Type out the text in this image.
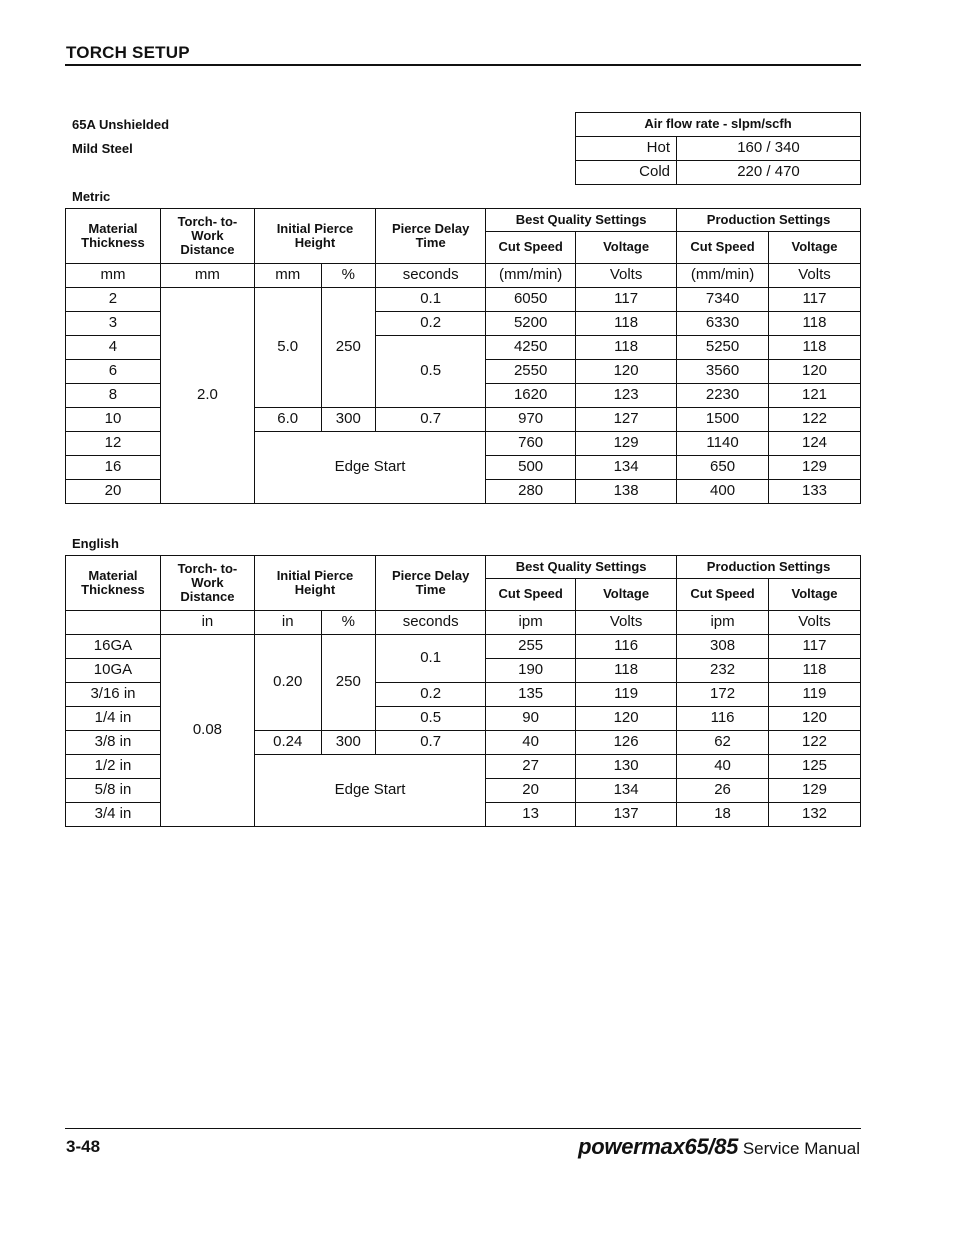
TORCH SETUP
65A Unshielded
Mild Steel
Air flow rate - slpm/scfh	
Hot	160 / 340
Cold	220 / 470
Metric
Material Thickness	Torch- to-Work Distance	Initial Pierce Height		Pierce Delay Time	Best Quality Settings		Production Settings	
					Cut Speed	Voltage	Cut Speed	Voltage
mm	mm	mm	%	seconds	(mm/min)	Volts	(mm/min)	Volts
2	2.0	5.0	250	0.1	6050	117	7340	117
3				0.2	5200	118	6330	118
4				0.5	4250	118	5250	118
6					2550	120	3560	120
8					1620	123	2230	121
10		6.0	300	0.7	970	127	1500	122
12		Edge Start			760	129	1140	124
16					500	134	650	129
20					280	138	400	133
English
Material Thickness	Torch- to-Work Distance	Initial Pierce Height		Pierce Delay Time	Best Quality Settings		Production Settings	
					Cut Speed	Voltage	Cut Speed	Voltage
	in	in	%	seconds	ipm	Volts	ipm	Volts
16GA	0.08	0.20	250	0.1	255	116	308	117
10GA					190	118	232	118
3/16 in				0.2	135	119	172	119
1/4 in				0.5	90	120	116	120
3/8 in		0.24	300	0.7	40	126	62	122
1/2 in		Edge Start			27	130	40	125
5/8 in					20	134	26	129
3/4 in					13	137	18	132
3-48	powermax65/85 Service Manual
